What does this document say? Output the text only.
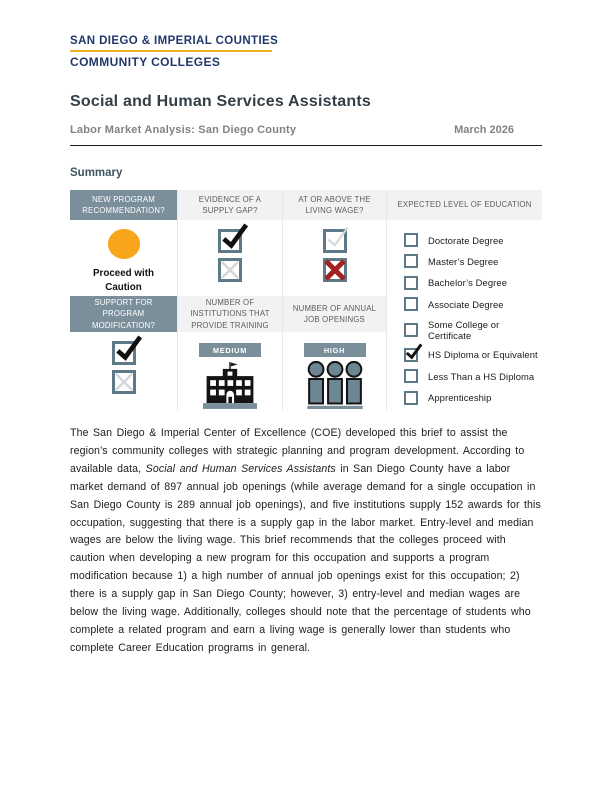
SAN DIEGO & IMPERIAL COUNTIES
COMMUNITY COLLEGES
Social and Human Services Assistants
Labor Market Analysis: San Diego County	March 2026
Summary
NEW PROGRAM RECOMMENDATION?
EVIDENCE OF A SUPPLY GAP?
AT OR ABOVE THE LIVING WAGE?
EXPECTED LEVEL OF EDUCATION
Proceed with Caution
Doctorate Degree
Master’s Degree
Bachelor’s Degree
Associate Degree
Some College or Certificate
HS Diploma or Equivalent
Less Than a HS Diploma
Apprenticeship
SUPPORT FOR PROGRAM MODIFICATION?
NUMBER OF INSTITUTIONS THAT PROVIDE TRAINING
NUMBER OF ANNUAL JOB OPENINGS
MEDIUM	HIGH

The San Diego & Imperial Center of Excellence (COE) developed this brief to assist the region’s community colleges with strategic planning and program development. According to available data, Social and Human Services Assistants in San Diego County have a labor market demand of 897 annual job openings (while average demand for a single occupation in San Diego County is 289 annual job openings), and five institutions supply 152 awards for this occupation, suggesting that there is a supply gap in the labor market. Entry-level and median wages are below the living wage. This brief recommends that the colleges proceed with caution when developing a new program for this occupation and supports a program modification because 1) a high number of annual job openings exist for this occupation; 2) there is a supply gap in San Diego County; however, 3) entry-level and median wages are below the living wage. Additionally, colleges should note that the percentage of students who complete a related program and earn a living wage is generally lower than students who complete Career Education programs in general.
